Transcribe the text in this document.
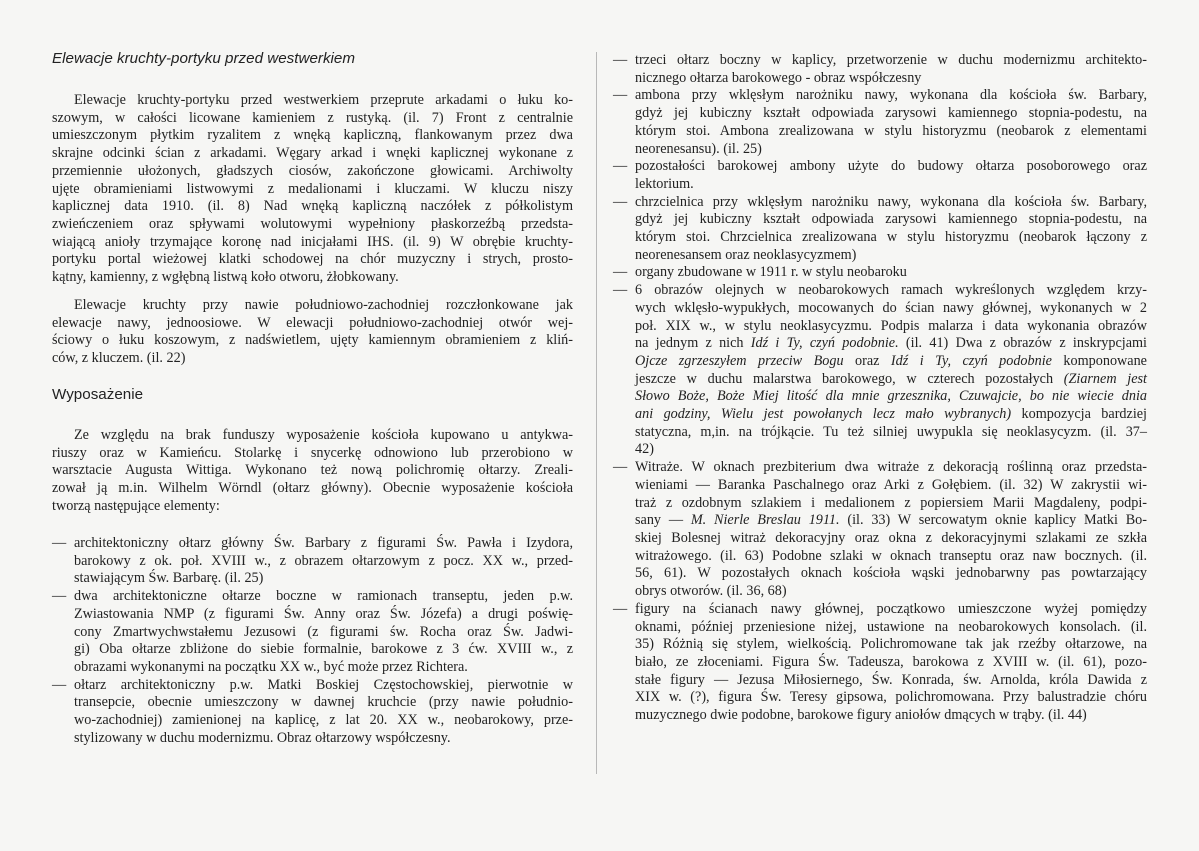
Elewacje kruchty-portyku przed westwerkiem
Elewacje kruchty-portyku przed westwerkiem przeprute arkadami o łuku ko-
szowym, w całości licowane kamieniem z rustyką. (il. 7) Front z centralnie
umieszczonym płytkim ryzalitem z wnęką kapliczną, flankowanym przez dwa
skrajne odcinki ścian z arkadami. Węgary arkad i wnęki kaplicznej wykonane z
przemiennie ułożonych, gładszych ciosów, zakończone głowicami. Archiwolty
ujęte obramieniami listwowymi z medalionami i kluczami. W kluczu niszy
kaplicznej data 1910. (il. 8) Nad wnęką kapliczną naczółek z półkolistym
zwieńczeniem oraz spływami wolutowymi wypełniony płaskorzeźbą przedsta-
wiającą anioły trzymające koronę nad inicjałami IHS. (il. 9) W obrębie kruchty-
portyku portal wieżowej klatki schodowej na chór muzyczny i strych, prosto-
kątny, kamienny, z wgłębną listwą koło otworu, żłobkowany.
Elewacje kruchty przy nawie południowo-zachodniej rozczłonkowane jak
elewacje nawy, jednoosiowe. W elewacji południowo-zachodniej otwór wej-
ściowy o łuku koszowym, z nadświetlem, ujęty kamiennym obramieniem z kliń-
ców, z kluczem. (il. 22)
Wyposażenie
Ze względu na brak funduszy wyposażenie kościoła kupowano u antykwa-
riuszy oraz w Kamieńcu. Stolarkę i snycerkę odnowiono lub przerobiono w
warsztacie Augusta Wittiga. Wykonano też nową polichromię ołtarzy. Zreali-
zował ją m.in. Wilhelm Wörndl (ołtarz główny). Obecnie wyposażenie kościoła
tworzą następujące elementy:
— architektoniczny ołtarz główny Św. Barbary z figurami Św. Pawła i Izydora,
barokowy z ok. poł. XVIII w., z obrazem ołtarzowym z pocz. XX w., przed-
stawiającym Św. Barbarę. (il. 25)
— dwa architektoniczne ołtarze boczne w ramionach transeptu, jeden p.w.
Zwiastowania NMP (z figurami Św. Anny oraz Św. Józefa) a drugi poświę-
cony Zmartwychwstałemu Jezusowi (z figurami św. Rocha oraz Św. Jadwi-
gi) Oba ołtarze zbliżone do siebie formalnie, barokowe z 3 ćw. XVIII w., z
obrazami wykonanymi na początku XX w., być może przez Richtera.
— ołtarz architektoniczny p.w. Matki Boskiej Częstochowskiej, pierwotnie w
transepcie, obecnie umieszczony w dawnej kruchcie (przy nawie południo-
wo-zachodniej) zamienionej na kaplicę, z lat 20. XX w., neobarokowy, prze-
stylizowany w duchu modernizmu. Obraz ołtarzowy współczesny.
— trzeci ołtarz boczny w kaplicy, przetworzenie w duchu modernizmu architekto-
nicznego ołtarza barokowego - obraz współczesny
— ambona przy wklęsłym narożniku nawy, wykonana dla kościoła św. Barbary,
gdyż jej kubiczny kształt odpowiada zarysowi kamiennego stopnia-podestu, na
którym stoi. Ambona zrealizowana w stylu historyzmu (neobarok z elementami
neorenesansu). (il. 25)
— pozostałości barokowej ambony użyte do budowy ołtarza posoborowego oraz
lektorium.
— chrzcielnica przy wklęsłym narożniku nawy, wykonana dla kościoła św. Barbary,
gdyż jej kubiczny kształt odpowiada zarysowi kamiennego stopnia-podestu, na
którym stoi. Chrzcielnica zrealizowana w stylu historyzmu (neobarok łączony z
neorenesansem oraz neoklasycyzmem)
— organy zbudowane w 1911 r. w stylu neobaroku
— 6 obrazów olejnych w neobarokowych ramach wykreślonych względem krzy-
wych wklęsło-wypukłych, mocowanych do ścian nawy głównej, wykonanych w 2
poł. XIX w., w stylu neoklasycyzmu. Podpis malarza i data wykonania obrazów
na jednym z nich Idź i Ty, czyń podobnie. (il. 41) Dwa z obrazów z inskrypcjami
Ojcze zgrzeszyłem przeciw Bogu oraz Idź i Ty, czyń podobnie komponowane
jeszcze w duchu malarstwa barokowego, w czterech pozostałych (Ziarnem jest
Słowo Boże, Boże Miej litość dla mnie grzesznika, Czuwajcie, bo nie wiecie dnia
ani godziny, Wielu jest powołanych lecz mało wybranych) kompozycja bardziej
statyczna, m,in. na trójkącie. Tu też silniej uwypukla się neoklasycyzm. (il. 37–
42)
— Witraże. W oknach prezbiterium dwa witraże z dekoracją roślinną oraz przedsta-
wieniami — Baranka Paschalnego oraz Arki z Gołębiem. (il. 32) W zakrystii wi-
traż z ozdobnym szlakiem i medalionem z popiersiem Marii Magdaleny, podpi-
sany — M. Nierle Breslau 1911. (il. 33) W sercowatym oknie kaplicy Matki Bo-
skiej Bolesnej witraż dekoracyjny oraz okna z dekoracyjnymi szlakami ze szkła
witrażowego. (il. 63) Podobne szlaki w oknach transeptu oraz naw bocznych. (il.
56, 61). W pozostałych oknach kościoła wąski jednobarwny pas powtarzający
obrys otworów. (il. 36, 68)
— figury na ścianach nawy głównej, początkowo umieszczone wyżej pomiędzy
oknami, później przeniesione niżej, ustawione na neobarokowych konsolach. (il.
35) Różnią się stylem, wielkością. Polichromowane tak jak rzeźby ołtarzowe, na
biało, ze złoceniami. Figura Św. Tadeusza, barokowa z XVIII w. (il. 61), pozo-
stałe figury — Jezusa Miłosiernego, Św. Konrada, św. Arnolda, króla Dawida z
XIX w. (?), figura Św. Teresy gipsowa, polichromowana. Przy balustradzie chóru
muzycznego dwie podobne, barokowe figury aniołów dmących w trąby. (il. 44)
